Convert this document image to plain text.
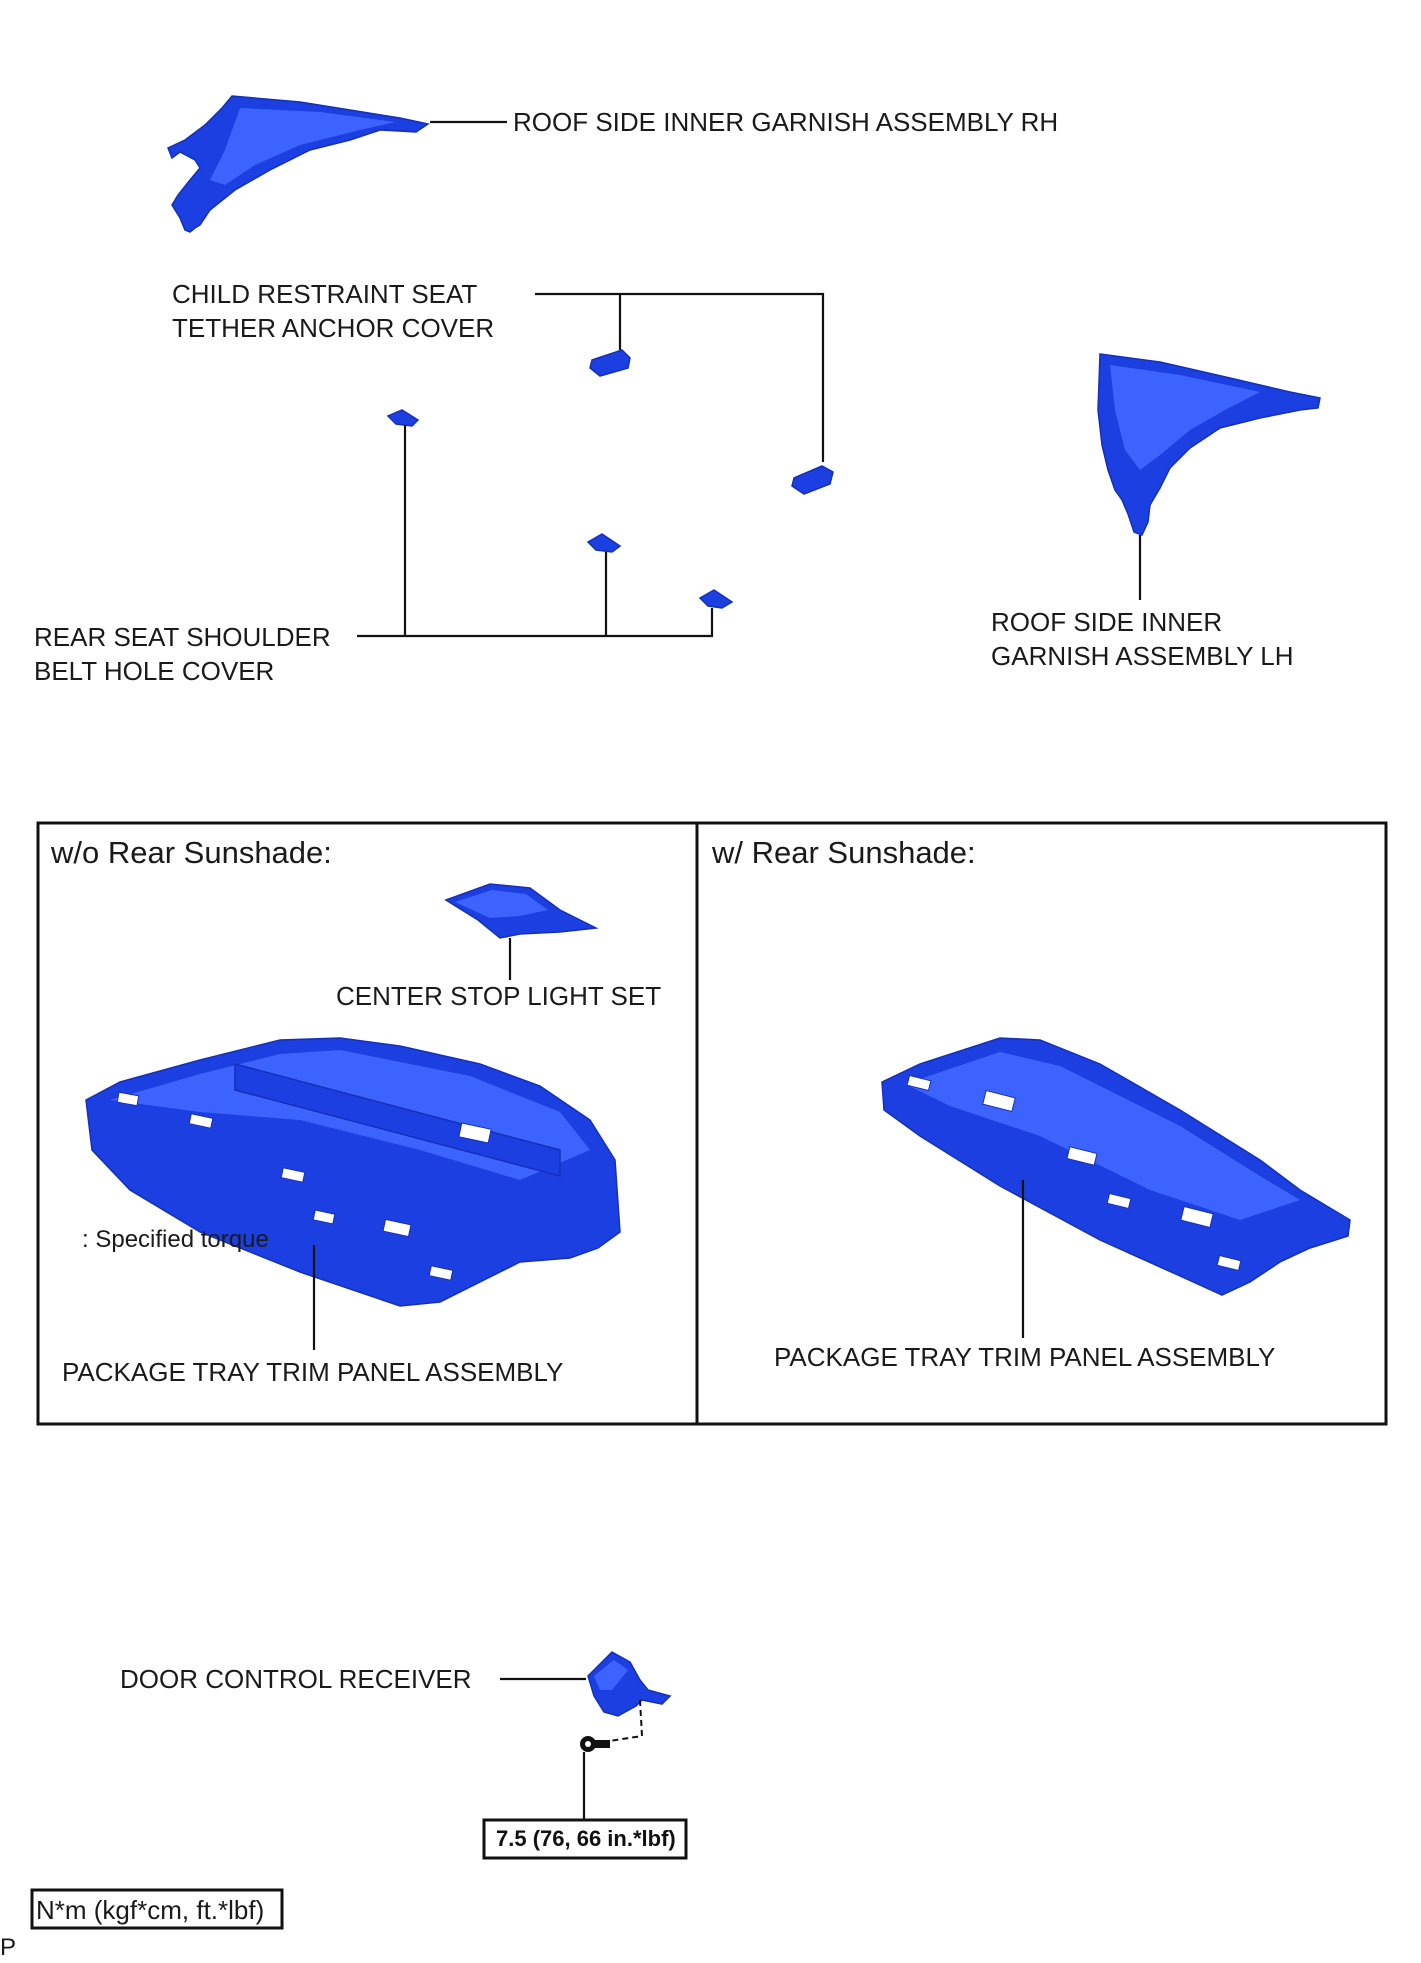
ROOF SIDE INNER GARNISH ASSEMBLY RH
CHILD RESTRAINT SEAT
TETHER ANCHOR COVER
REAR SEAT SHOULDER
BELT HOLE COVER
ROOF SIDE INNER
GARNISH ASSEMBLY LH
w/o Rear Sunshade:	w/ Rear Sunshade:
CENTER STOP LIGHT SET
: Specified torque
PACKAGE TRAY TRIM PANEL ASSEMBLY	PACKAGE TRAY TRIM PANEL ASSEMBLY
DOOR CONTROL RECEIVER
7.5 (76, 66 in.*lbf)
N*m (kgf*cm, ft.*lbf)
P
